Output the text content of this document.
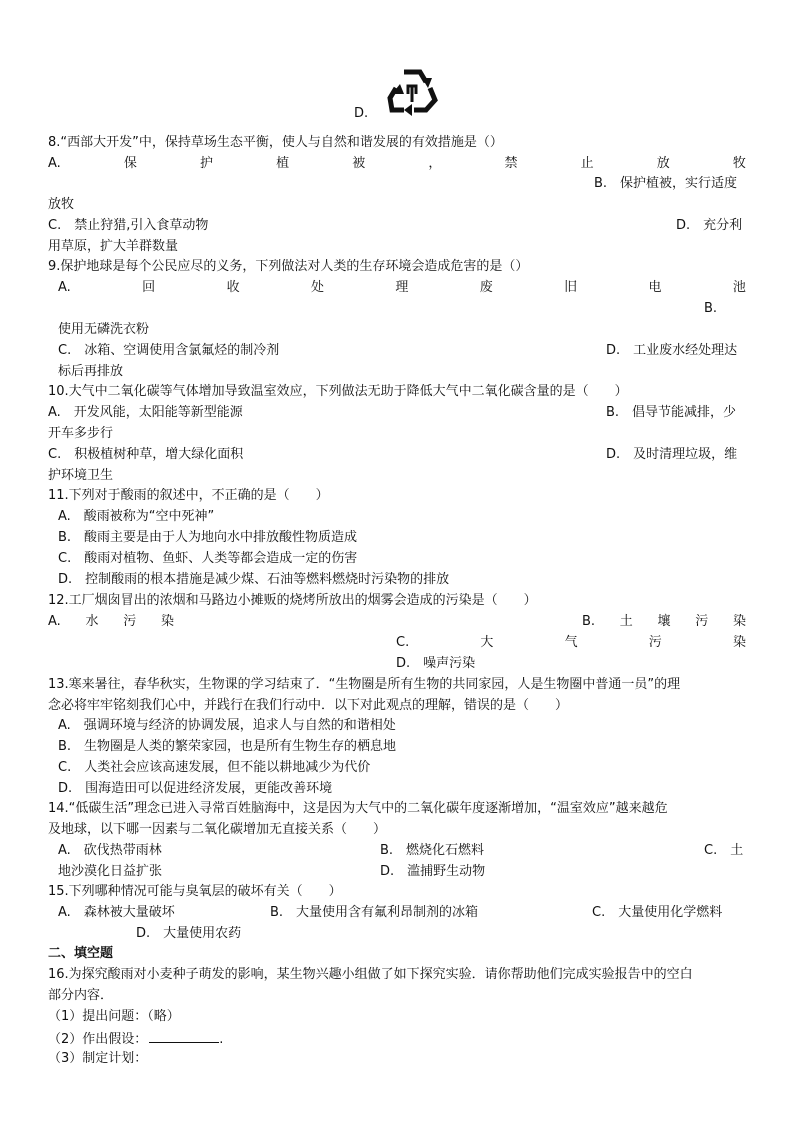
D.
8.“西部大开发”中，保持草场生态平衡，使人与自然和谐发展的有效措施是（）
A.	保	护	植	被	，	禁	止	放	牧
B.　保护植被，实行适度
放牧
C.　禁止狩猎,引入食草动物	D.　充分利
用草原，扩大羊群数量
9.保护地球是每个公民应尽的义务，下列做法对人类的生存环境会造成危害的是（）
A.	回	收	处	理	废	旧	电	池
B.
使用无磷洗衣粉
C.　冰箱、空调使用含氯氟烃的制冷剂	D.　工业废水经处理达
标后再排放
10.大气中二氧化碳等气体增加导致温室效应，下列做法无助于降低大气中二氧化碳含量的是（　　）
A.　开发风能，太阳能等新型能源	B.　倡导节能减排，少
开车多步行
C.　积极植树种草，增大绿化面积	D.　及时清理垃圾，维
护环境卫生
11.下列对于酸雨的叙述中，不正确的是（　　）
A.　酸雨被称为“空中死神”
B.　酸雨主要是由于人为地向水中排放酸性物质造成
C.　酸雨对植物、鱼虾、人类等都会造成一定的伤害
D.　控制酸雨的根本措施是减少煤、石油等燃料燃烧时污染物的排放
12.工厂烟囱冒出的浓烟和马路边小摊贩的烧烤所放出的烟雾会造成的污染是（　　）
A. 水 污 染	B. 土 壤 污 染
C.	大	气	污	染
D.　噪声污染
13.寒来暑往，春华秋实，生物课的学习结束了．“生物圈是所有生物的共同家园，人是生物圈中普通一员”的理
念必将牢牢铭刻我们心中，并践行在我们行动中．以下对此观点的理解，错误的是（　　）
A.　强调环境与经济的协调发展，追求人与自然的和谐相处
B.　生物圈是人类的繁荣家园，也是所有生物生存的栖息地
C.　人类社会应该高速发展，但不能以耕地减少为代价
D.　围海造田可以促进经济发展，更能改善环境
14.“低碳生活”理念已进入寻常百姓脑海中，这是因为大气中的二氧化碳年度逐渐增加，“温室效应”越来越危
及地球，以下哪一因素与二氧化碳增加无直接关系（　　）
A.　砍伐热带雨林	B.　燃烧化石燃料	C.　土
地沙漠化日益扩张	D.　滥捕野生动物
15.下列哪种情况可能与臭氧层的破坏有关（　　）
A.　森林被大量破坏	B.　大量使用含有氟利昂制剂的冰箱	C.　大量使用化学燃料
D.　大量使用农药
二、填空题
16.为探究酸雨对小麦种子萌发的影响，某生物兴趣小组做了如下探究实验．请你帮助他们完成实验报告中的空白
部分内容．
（1）提出问题：（略）
（2）作出假设：	.
（3）制定计划：
